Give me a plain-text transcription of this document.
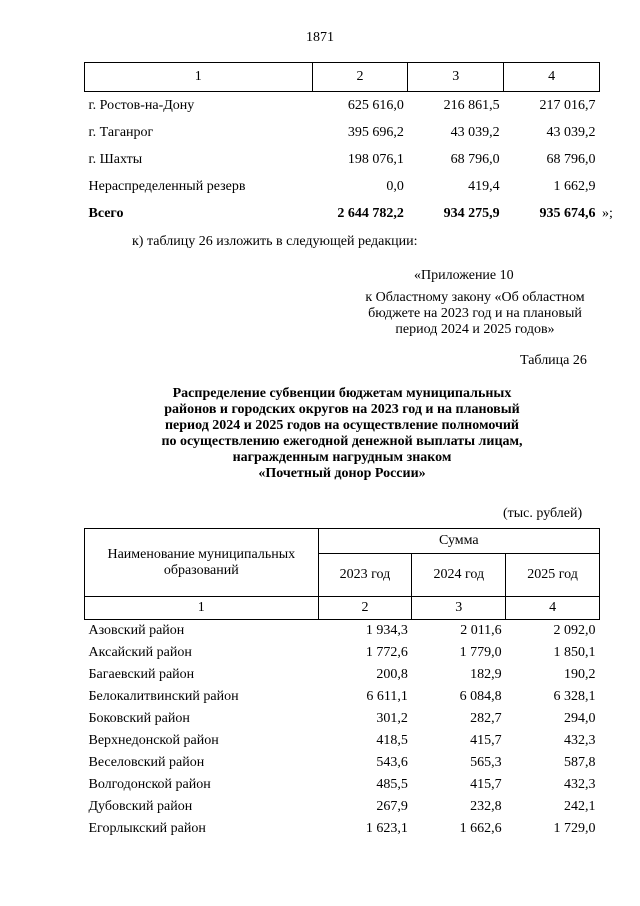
1871
1	2	3	4
г. Ростов-на-Дону	625 616,0	216 861,5	217 016,7
г. Таганрог	395 696,2	43 039,2	43 039,2
г. Шахты	198 076,1	68 796,0	68 796,0
Нераспределенный резерв	0,0	419,4	1 662,9
Всего	2 644 782,2	934 275,9	935 674,6 »;
к) таблицу 26 изложить в следующей редакции:
«Приложение 10
к Областному закону «Об областном
бюджете на 2023 год и на плановый
период 2024 и 2025 годов»
Таблица 26
Распределение субвенции бюджетам муниципальных
районов и городских округов на 2023 год и на плановый
период 2024 и 2025 годов на осуществление полномочий
по осуществлению ежегодной денежной выплаты лицам,
награжденным нагрудным знаком
«Почетный донор России»
(тыс. рублей)
Наименование муниципальных
образований	Сумма		
	2023 год	2024 год	2025 год
1	2	3	4
Азовский район	1 934,3	2 011,6	2 092,0
Аксайский район	1 772,6	1 779,0	1 850,1
Багаевский район	200,8	182,9	190,2
Белокалитвинский район	6 611,1	6 084,8	6 328,1
Боковский район	301,2	282,7	294,0
Верхнедонской район	418,5	415,7	432,3
Веселовский район	543,6	565,3	587,8
Волгодонской район	485,5	415,7	432,3
Дубовский район	267,9	232,8	242,1
Егорлыкский район	1 623,1	1 662,6	1 729,0
